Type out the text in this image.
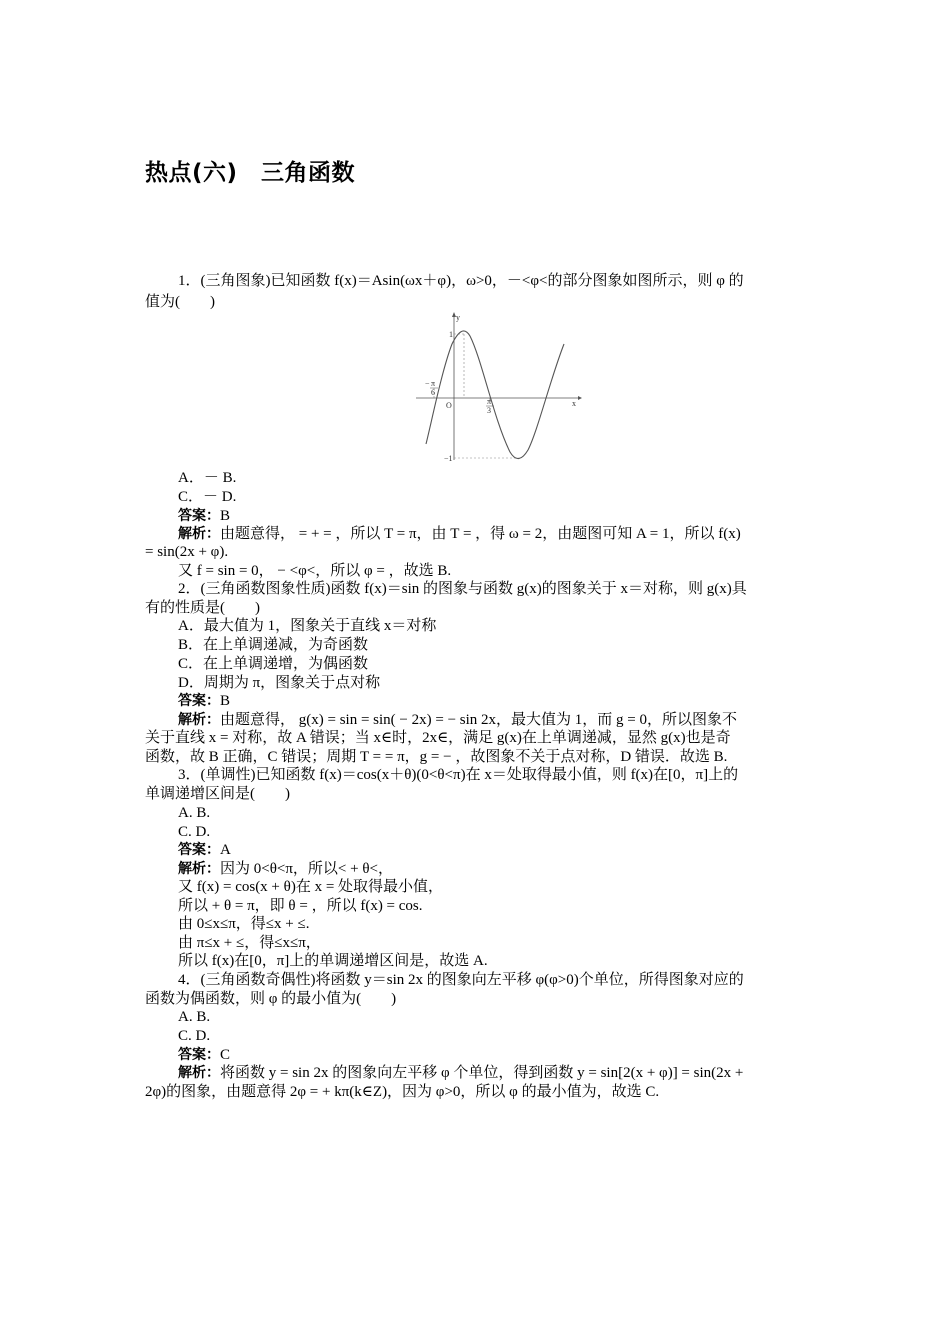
热点(六)　三角函数
1．(三角图象)已知函数 f(x)＝Asin(ωx＋φ)，ω>0，－<φ<的部分图象如图所示，则 φ 的
值为(　　)
y
x
O
1
−1
− π
6
π
3
A．－ B.
C．－ D.
答案：B
解析：由题意得， = + = ，所以 T = π，由 T = ，得 ω = 2，由题图可知 A = 1，所以 f(x)
= sin(2x + φ).
又 f = sin = 0， − <φ<，所以 φ = ，故选 B.
2．(三角函数图象性质)函数 f(x)＝sin 的图象与函数 g(x)的图象关于 x＝对称，则 g(x)具
有的性质是(　　)
A．最大值为 1，图象关于直线 x＝对称
B．在上单调递减，为奇函数
C．在上单调递增，为偶函数
D．周期为 π，图象关于点对称
答案：B
解析：由题意得， g(x) = sin = sin( − 2x) = − sin 2x，最大值为 1，而 g = 0，所以图象不
关于直线 x = 对称，故 A 错误；当 x∈时，2x∈，满足 g(x)在上单调递减，显然 g(x)也是奇
函数，故 B 正确，C 错误；周期 T = = π，g = − ，故图象不关于点对称，D 错误．故选 B.
3．(单调性)已知函数 f(x)＝cos(x＋θ)(0<θ<π)在 x＝处取得最小值，则 f(x)在[0，π]上的
单调递增区间是(　　)
A. B.
C. D.
答案：A
解析：因为 0<θ<π，所以< + θ<，
又 f(x) = cos(x + θ)在 x = 处取得最小值，
所以 + θ = π，即 θ = ，所以 f(x) = cos.
由 0≤x≤π，得≤x + ≤.
由 π≤x + ≤，得≤x≤π，
所以 f(x)在[0，π]上的单调递增区间是，故选 A.
4．(三角函数奇偶性)将函数 y＝sin 2x 的图象向左平移 φ(φ>0)个单位，所得图象对应的
函数为偶函数，则 φ 的最小值为(　　)
A. B.
C. D.
答案：C
解析：将函数 y = sin 2x 的图象向左平移 φ 个单位，得到函数 y = sin[2(x + φ)] = sin(2x +
2φ)的图象，由题意得 2φ = + kπ(k∈Z)，因为 φ>0，所以 φ 的最小值为，故选 C.
